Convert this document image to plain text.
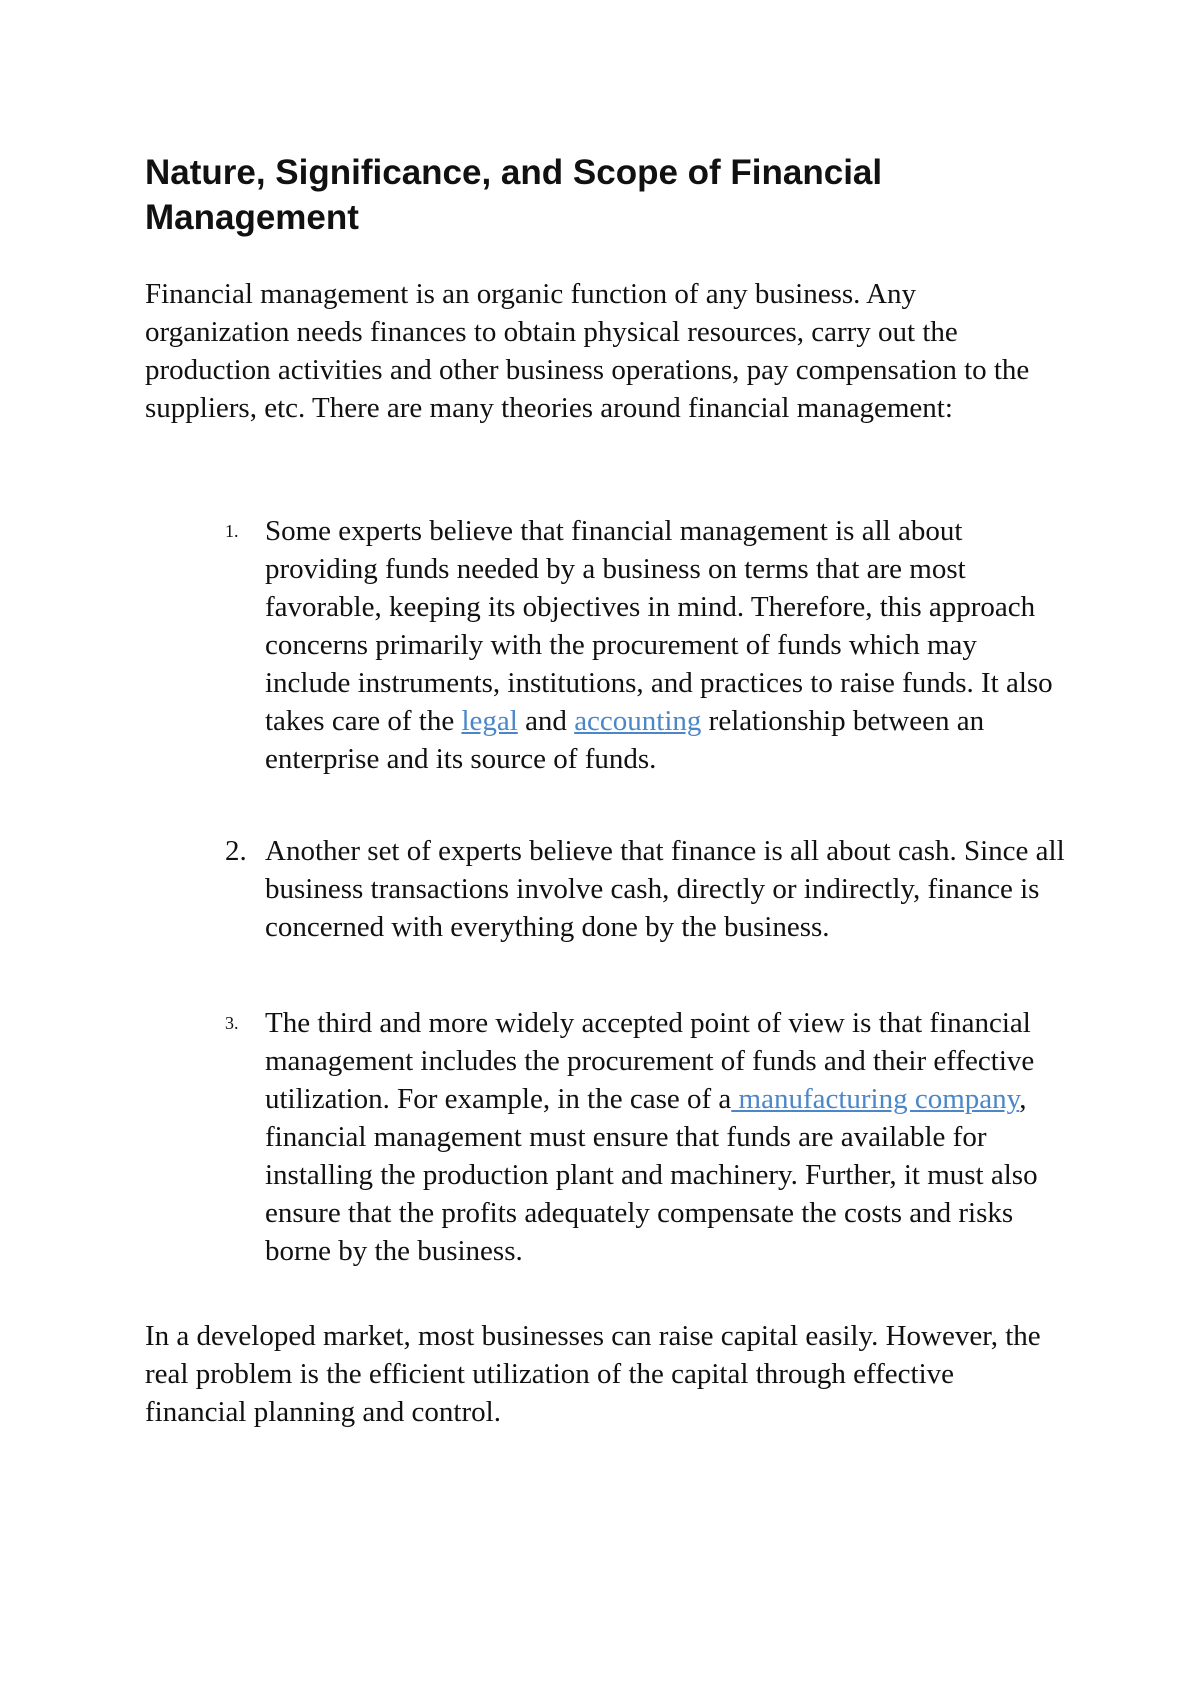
Nature, Significance, and Scope of Financial Management

Financial management is an organic function of any business. Any organization needs finances to obtain physical resources, carry out the production activities and other business operations, pay compensation to the suppliers, etc. There are many theories around financial management:

1. Some experts believe that financial management is all about providing funds needed by a business on terms that are most favorable, keeping its objectives in mind. Therefore, this approach concerns primarily with the procurement of funds which may include instruments, institutions, and practices to raise funds. It also takes care of the legal and accounting relationship between an enterprise and its source of funds.
2. Another set of experts believe that finance is all about cash. Since all business transactions involve cash, directly or indirectly, finance is concerned with everything done by the business.
3. The third and more widely accepted point of view is that financial management includes the procurement of funds and their effective utilization. For example, in the case of a manufacturing company, financial management must ensure that funds are available for installing the production plant and machinery. Further, it must also ensure that the profits adequately compensate the costs and risks borne by the business.

In a developed market, most businesses can raise capital easily. However, the real problem is the efficient utilization of the capital through effective financial planning and control.
